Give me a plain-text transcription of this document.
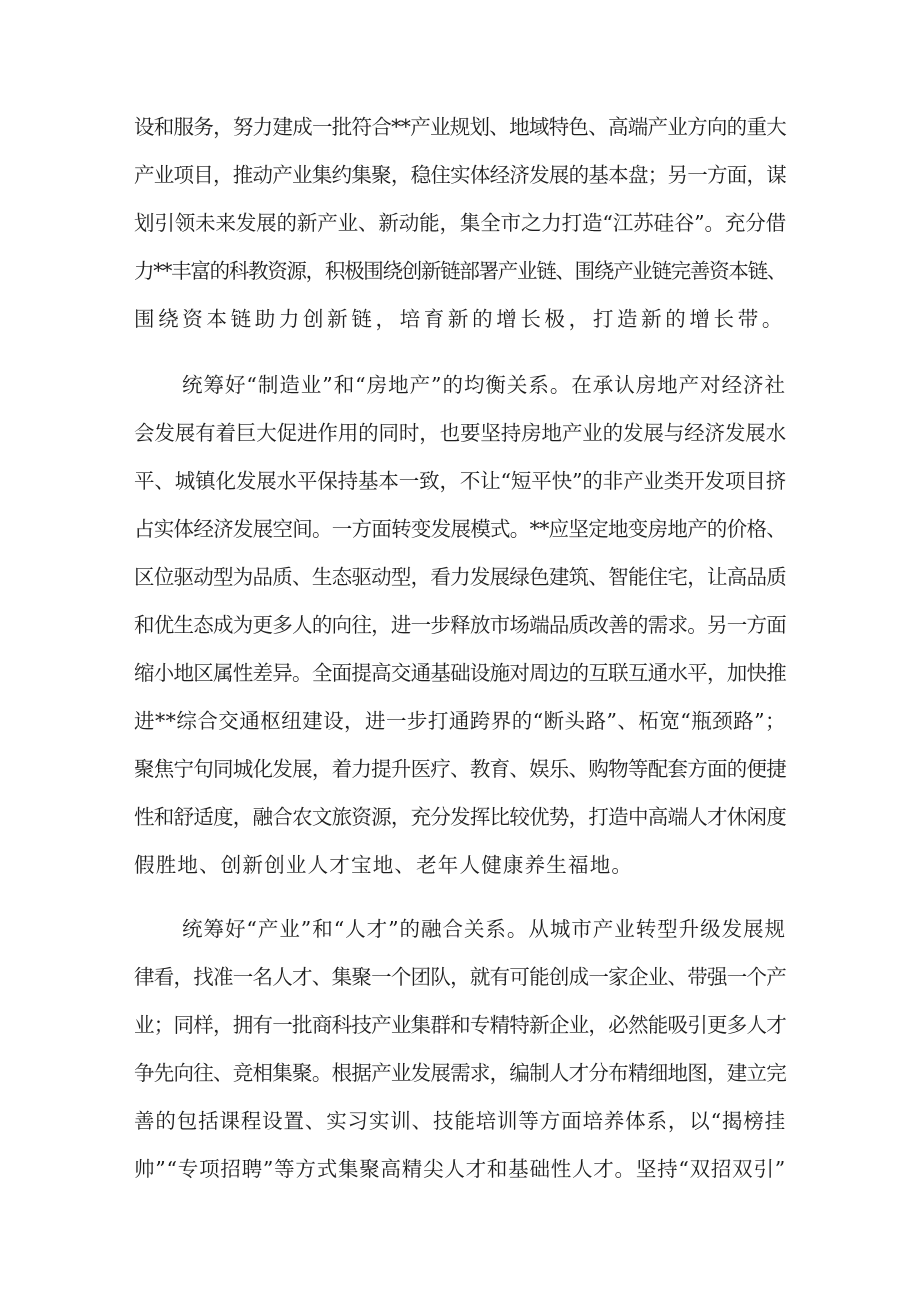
设和服务，努力建成一批符合**产业规划、地域特色、高端产业方向的重大
产业项目，推动产业集约集聚，稳住实体经济发展的基本盘；另一方面，谋
划引领未来发展的新产业、新动能，集全市之力打造“江苏硅谷”。充分借
力**丰富的科教资源，积极围绕创新链部署产业链、围绕产业链完善资本链、
围绕资本链助力创新链，培育新的增长极，打造新的增长带。
统筹好“制造业”和“房地产”的均衡关系。在承认房地产对经济社
会发展有着巨大促进作用的同时，也要坚持房地产业的发展与经济发展水
平、城镇化发展水平保持基本一致，不让“短平快”的非产业类开发项目挤
占实体经济发展空间。一方面转变发展模式。**应坚定地变房地产的价格、
区位驱动型为品质、生态驱动型，看力发展绿色建筑、智能住宅，让高品质
和优生态成为更多人的向往，进一步释放市场端品质改善的需求。另一方面
缩小地区属性差异。全面提高交通基础设施对周边的互联互通水平，加快推
进**综合交通枢纽建设，进一步打通跨界的“断头路”、柘宽“瓶颈路”；
聚焦宁句同城化发展，着力提升医疗、教育、娱乐、购物等配套方面的便捷
性和舒适度，融合农文旅资源，充分发挥比较优势，打造中高端人才休闲度
假胜地、创新创业人才宝地、老年人健康养生福地。
统筹好“产业”和“人才”的融合关系。从城市产业转型升级发展规
律看，找准一名人才、集聚一个团队，就有可能创成一家企业、带强一个产
业；同样，拥有一批商科技产业集群和专精特新企业，必然能吸引更多人才
争先向往、竞相集聚。根据产业发展需求，编制人才分布精细地图，建立完
善的包括课程设置、实习实训、技能培训等方面培养体系，以“揭榜挂
帅”“专项招聘”等方式集聚高精尖人才和基础性人才。坚持“双招双引”
